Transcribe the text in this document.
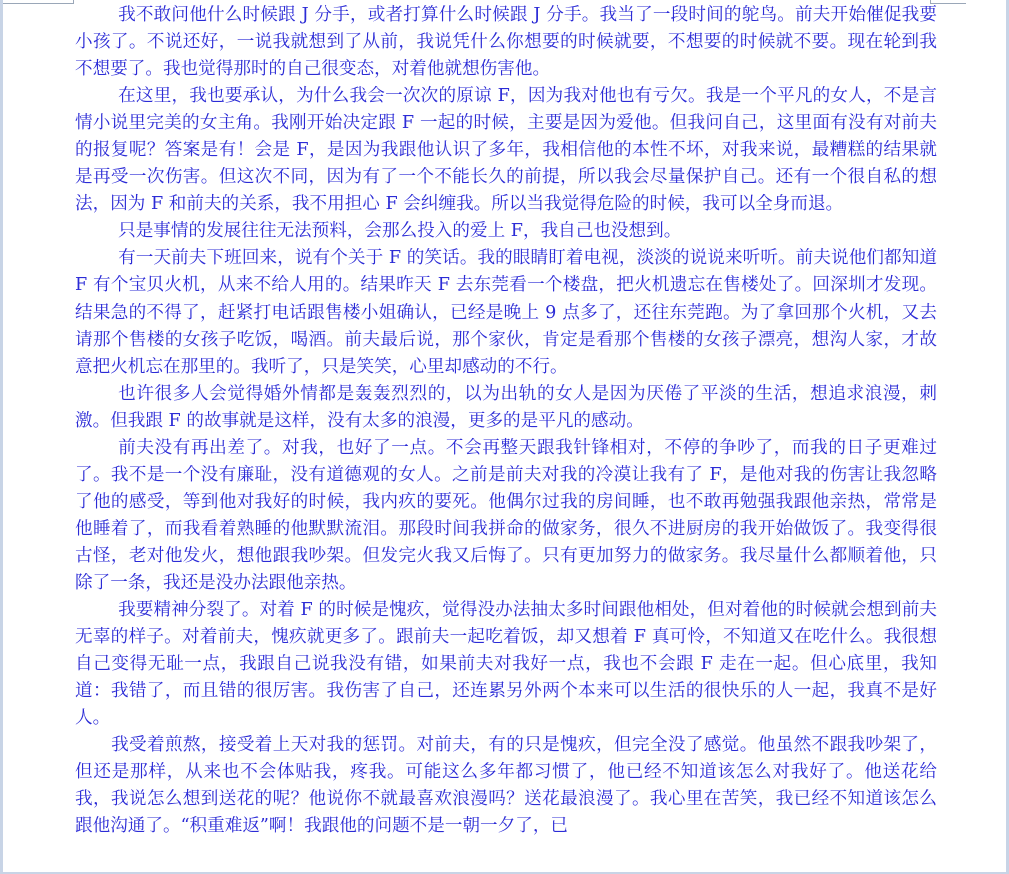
我不敢问他什么时候跟 J 分手，或者打算什么时候跟 J 分手。我当了一段时间的鸵鸟。前夫开始催促我要小孩了。不说还好，一说我就想到了从前，我说凭什么你想要的时候就要，不想要的时候就不要。现在轮到我不想要了。我也觉得那时的自己很变态，对着他就想伤害他。

在这里，我也要承认，为什么我会一次次的原谅 F，因为我对他也有亏欠。我是一个平凡的女人，不是言情小说里完美的女主角。我刚开始决定跟 F 一起的时候，主要是因为爱他。但我问自己，这里面有没有对前夫的报复呢？答案是有！会是 F，是因为我跟他认识了多年，我相信他的本性不坏，对我来说，最糟糕的结果就是再受一次伤害。但这次不同，因为有了一个不能长久的前提，所以我会尽量保护自己。还有一个很自私的想法，因为 F 和前夫的关系，我不用担心 F 会纠缠我。所以当我觉得危险的时候，我可以全身而退。

只是事情的发展往往无法预料，会那么投入的爱上 F，我自己也没想到。

有一天前夫下班回来，说有个关于 F 的笑话。我的眼睛盯着电视，淡淡的说说来听听。前夫说他们都知道 F 有个宝贝火机，从来不给人用的。结果昨天 F 去东莞看一个楼盘，把火机遗忘在售楼处了。回深圳才发现。结果急的不得了，赶紧打电话跟售楼小姐确认，已经是晚上 9 点多了，还往东莞跑。为了拿回那个火机，又去请那个售楼的女孩子吃饭，喝酒。前夫最后说，那个家伙，肯定是看那个售楼的女孩子漂亮，想沟人家，才故意把火机忘在那里的。我听了，只是笑笑，心里却感动的不行。

也许很多人会觉得婚外情都是轰轰烈烈的，以为出轨的女人是因为厌倦了平淡的生活，想追求浪漫，刺激。但我跟 F 的故事就是这样，没有太多的浪漫，更多的是平凡的感动。

前夫没有再出差了。对我，也好了一点。不会再整天跟我针锋相对，不停的争吵了，而我的日子更难过了。我不是一个没有廉耻，没有道德观的女人。之前是前夫对我的冷漠让我有了 F，是他对我的伤害让我忽略了他的感受，等到他对我好的时候，我内疚的要死。他偶尔过我的房间睡，也不敢再勉强我跟他亲热，常常是他睡着了，而我看着熟睡的他默默流泪。那段时间我拼命的做家务，很久不进厨房的我开始做饭了。我变得很古怪，老对他发火，想他跟我吵架。但发完火我又后悔了。只有更加努力的做家务。我尽量什么都顺着他，只除了一条，我还是没办法跟他亲热。

我要精神分裂了。对着 F 的时候是愧疚，觉得没办法抽太多时间跟他相处，但对着他的时候就会想到前夫无辜的样子。对着前夫，愧疚就更多了。跟前夫一起吃着饭，却又想着 F 真可怜，不知道又在吃什么。我很想自己变得无耻一点，我跟自己说我没有错，如果前夫对我好一点，我也不会跟 F 走在一起。但心底里，我知道：我错了，而且错的很厉害。我伤害了自己，还连累另外两个本来可以生活的很快乐的人一起，我真不是好人。

我受着煎熬，接受着上天对我的惩罚。对前夫，有的只是愧疚，但完全没了感觉。他虽然不跟我吵架了，但还是那样，从来也不会体贴我，疼我。可能这么多年都习惯了，他已经不知道该怎么对我好了。他送花给我，我说怎么想到送花的呢？他说你不就最喜欢浪漫吗？送花最浪漫了。我心里在苦笑，我已经不知道该怎么跟他沟通了。“积重难返”啊！我跟他的问题不是一朝一夕了，已
